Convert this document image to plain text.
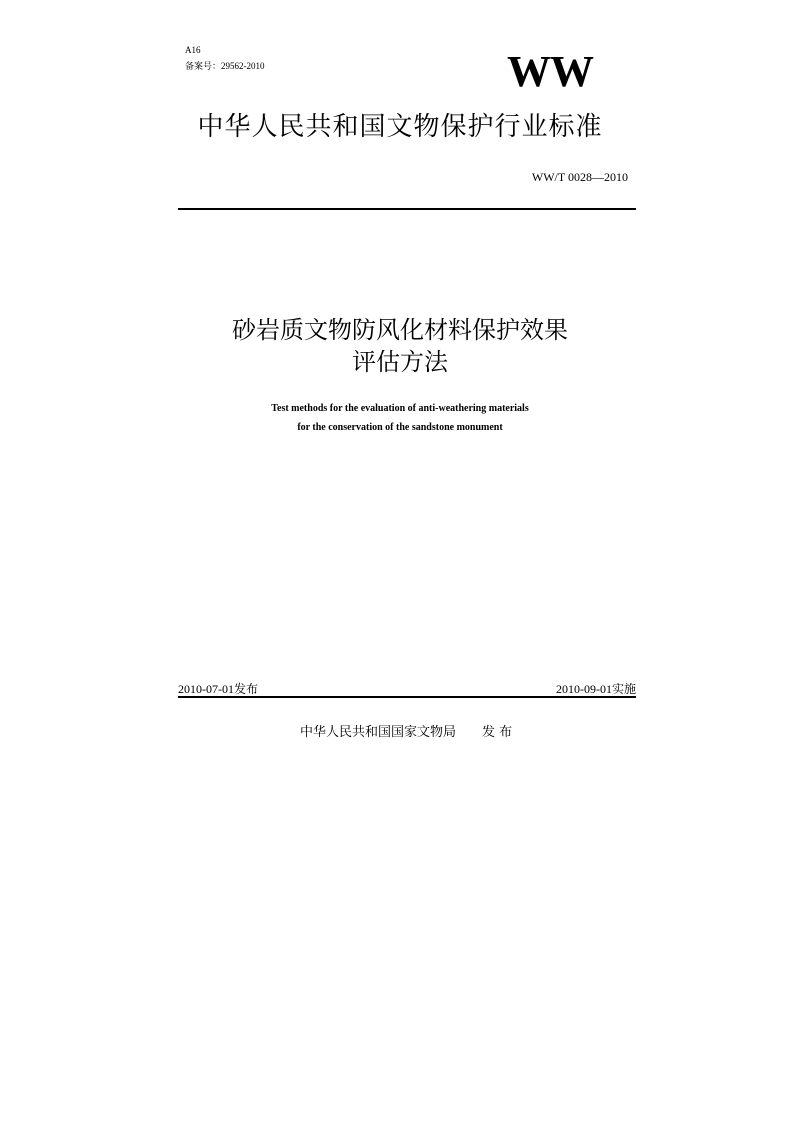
A16
备案号：29562-2010	WW
中华人民共和国文物保护行业标准
WW/T 0028—2010
砂岩质文物防风化材料保护效果
评估方法
Test methods for the evaluation of anti-weathering materials
for the conservation of the sandstone monument
2010-07-01发布	2010-09-01实施
中华人民共和国国家文物局　　发 布
